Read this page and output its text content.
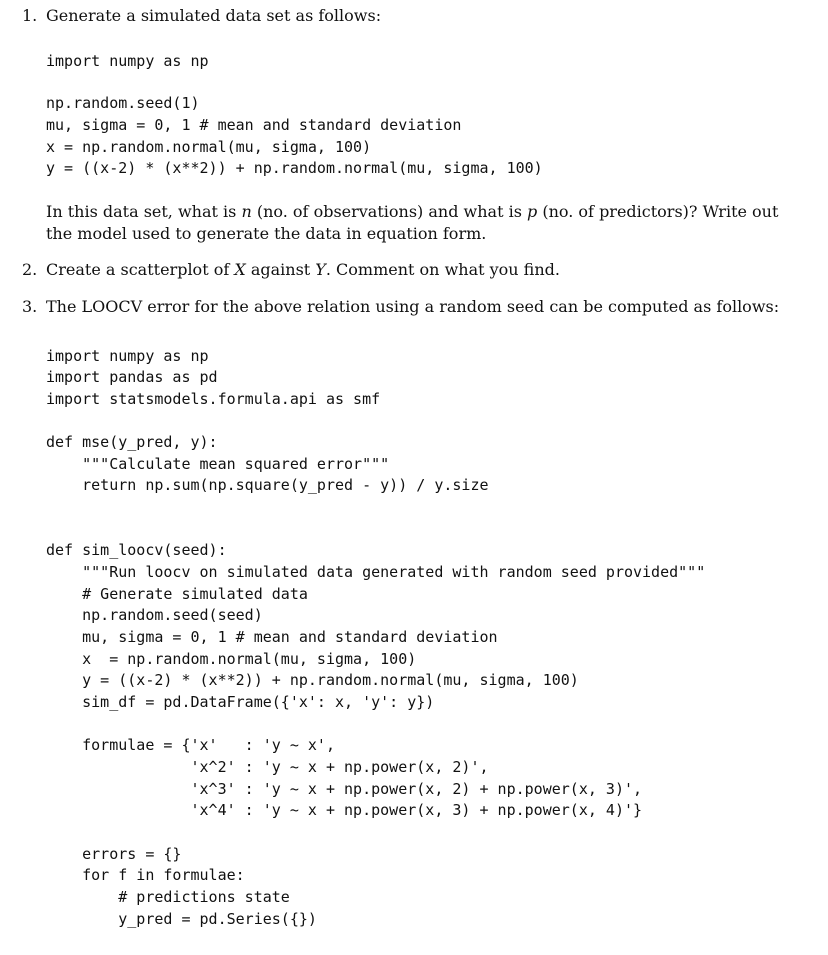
1. Generate a simulated data set as follows:
import numpy as np
np.random.seed(1)
mu, sigma = 0, 1 # mean and standard deviation
x = np.random.normal(mu, sigma, 100)
y = ((x-2) * (x**2)) + np.random.normal(mu, sigma, 100)
In this data set, what is n (no. of observations) and what is p (no. of predictors)? Write out
the model used to generate the data in equation form.
2. Create a scatterplot of X against Y. Comment on what you find.
3. The LOOCV error for the above relation using a random seed can be computed as follows:
import numpy as np
import pandas as pd
import statsmodels.formula.api as smf
def mse(y_pred, y):
"""Calculate mean squared error"""
return np.sum(np.square(y_pred - y)) / y.size
def sim_loocv(seed):
"""Run loocv on simulated data generated with random seed provided"""
# Generate simulated data
np.random.seed(seed)
mu, sigma = 0, 1 # mean and standard deviation
x  = np.random.normal(mu, sigma, 100)
y = ((x-2) * (x**2)) + np.random.normal(mu, sigma, 100)
sim_df = pd.DataFrame({'x': x, 'y': y})
formulae = {'x'   : 'y ~ x',
'x^2' : 'y ~ x + np.power(x, 2)',
'x^3' : 'y ~ x + np.power(x, 2) + np.power(x, 3)',
'x^4' : 'y ~ x + np.power(x, 3) + np.power(x, 4)'}
errors = {}
for f in formulae:
# predictions state
y_pred = pd.Series({})
